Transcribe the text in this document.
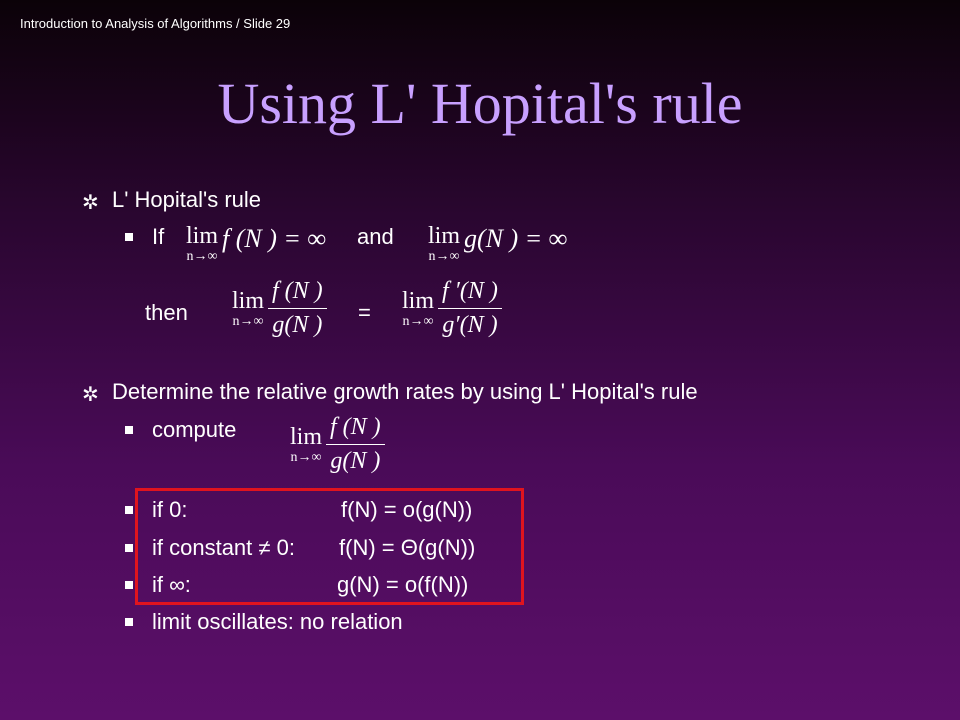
Introduction to Analysis of Algorithms / Slide 29
Using L' Hopital's rule
✲ L' Hopital's rule
If lim
n→∞
f (N ) = ∞ and lim
n→∞
g(N ) = ∞
then lim
n→∞
$\frac{f (N )}{g(N )} = \lim$
n→∞
$\frac{f '(N )}{g'(N )}$
✲ Determine the relative growth rates by using L' Hopital's rule
compute lim
n→∞
$\frac{f (N )}{g(N )}$
if 0:	f(N) = o(g(N))
if constant ≠ 0: f(N) = Θ(g(N))
if ∞:	g(N) = o(f(N))
limit oscillates: no relation
